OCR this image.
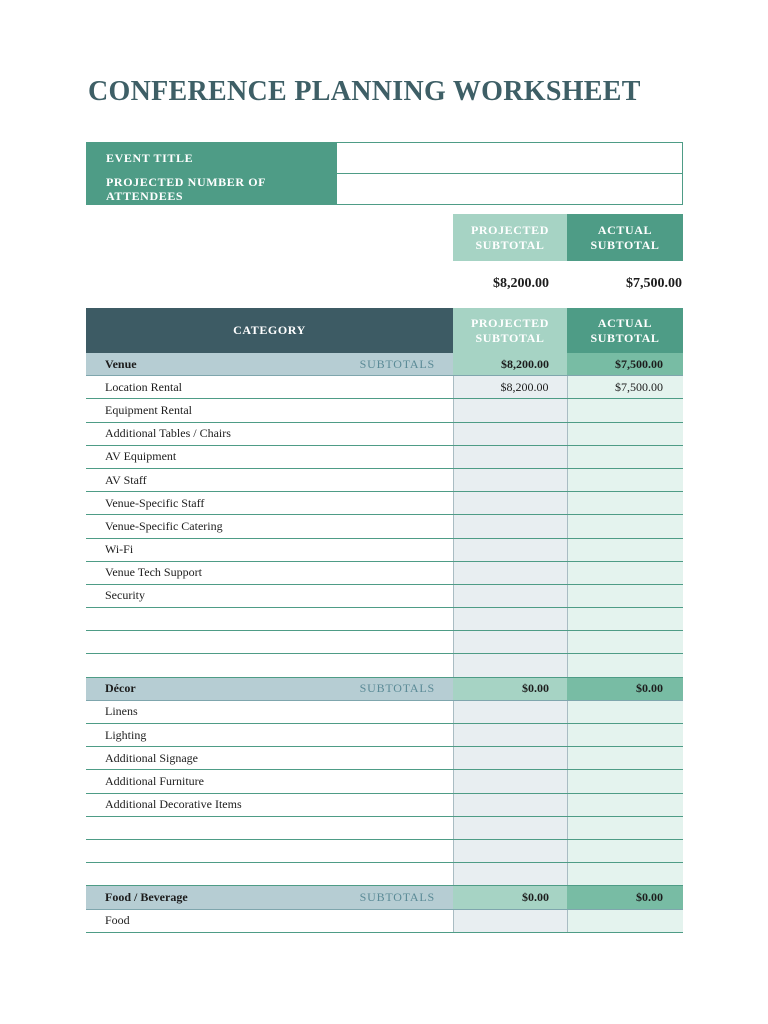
CONFERENCE PLANNING WORKSHEET
EVENT TITLE	
PROJECTED NUMBER OF ATTENDEES	
PROJECTED SUBTOTAL
ACTUAL SUBTOTAL
$8,200.00	$7,500.00
CATEGORY	PROJECTED SUBTOTAL	ACTUAL SUBTOTAL

Venue SUBTOTALS	$8,200.00	$7,500.00
Location Rental	$8,200.00	$7,500.00
Equipment Rental		
Additional Tables / Chairs		
AV Equipment		
AV Staff		
Venue-Specific Staff		
Venue-Specific Catering		
Wi-Fi		
Venue Tech Support		
Security		

Décor SUBTOTALS	$0.00	$0.00
Linens		
Lighting		
Additional Signage		
Additional Furniture		
Additional Decorative Items		

Food / Beverage SUBTOTALS	$0.00	$0.00
Food		
